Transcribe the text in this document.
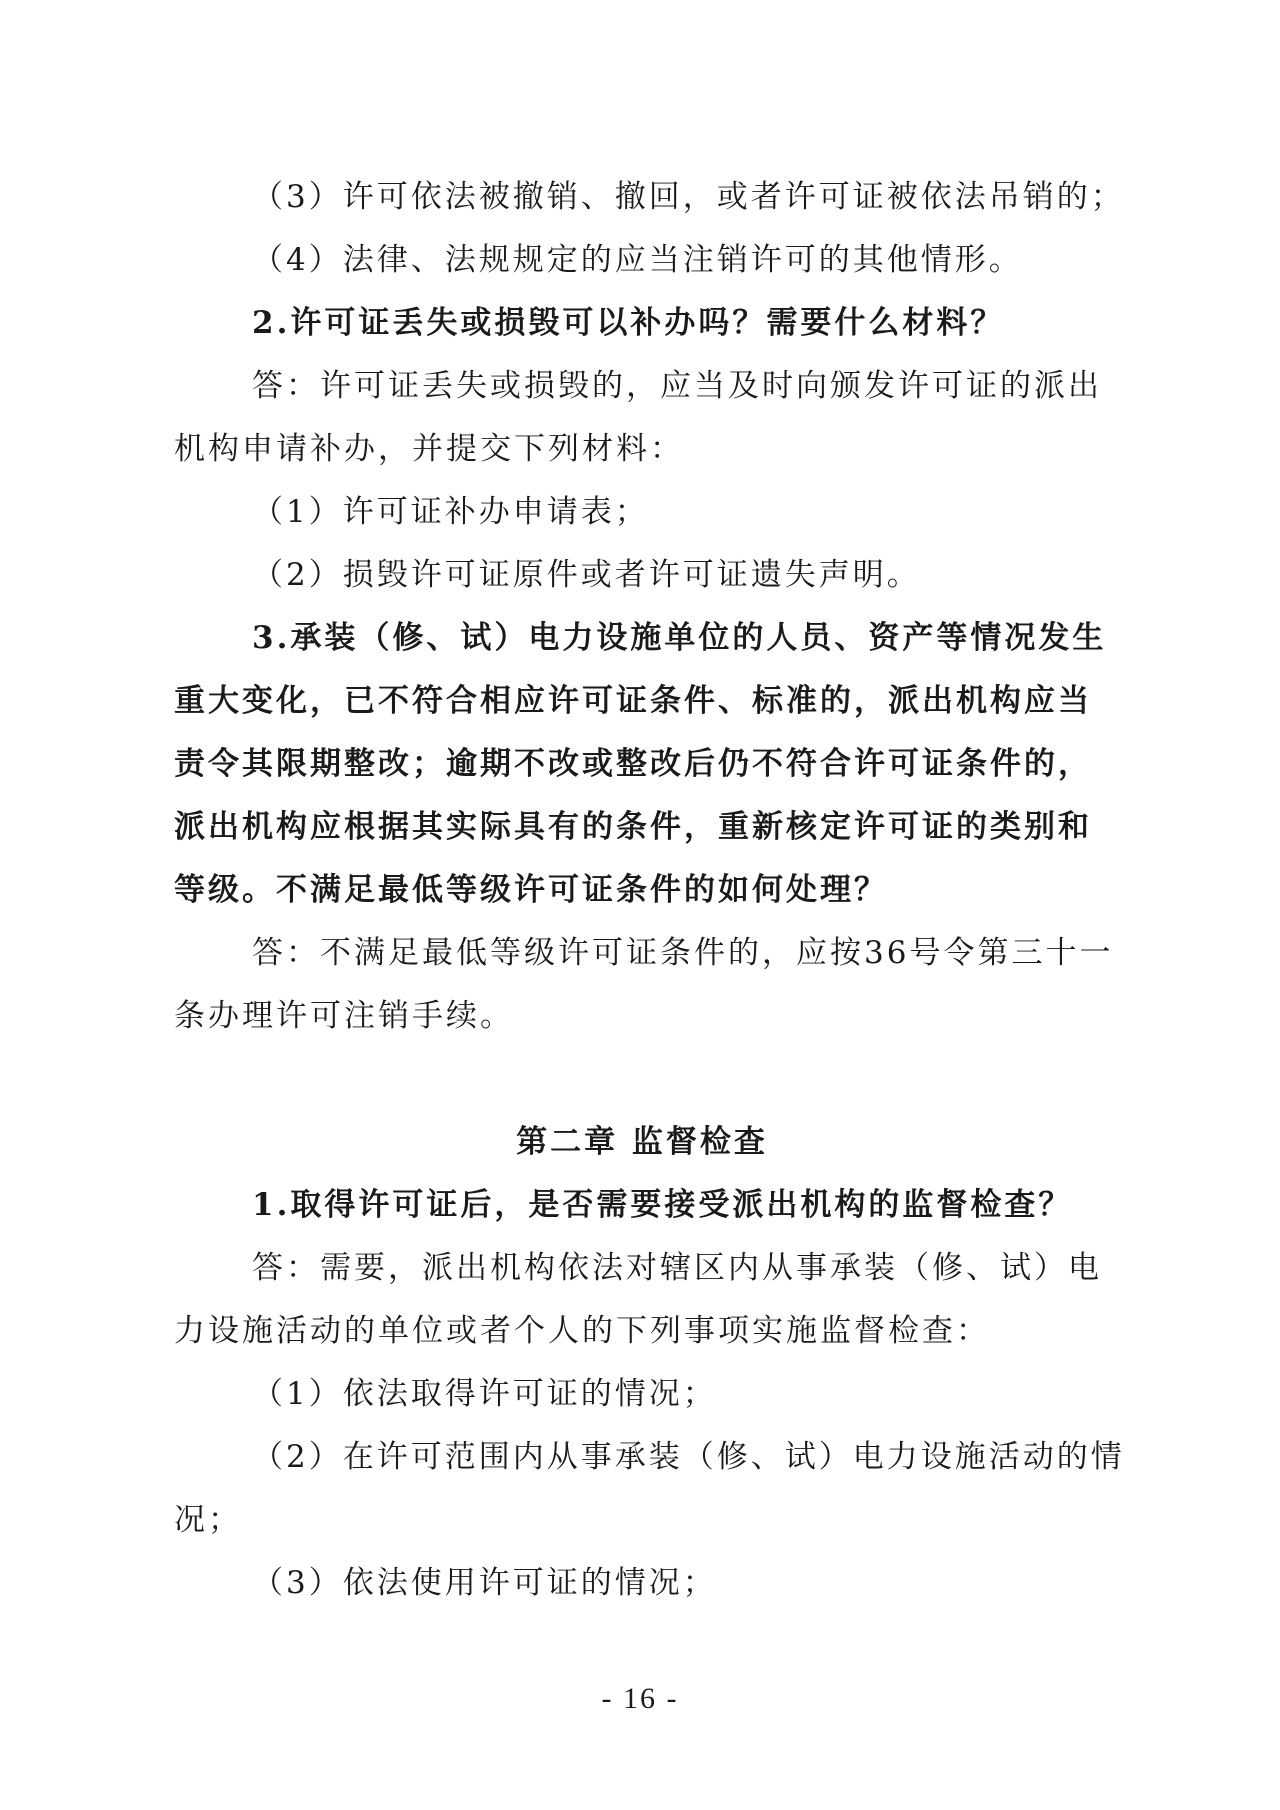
（3）许可依法被撤销、撤回，或者许可证被依法吊销的；

（4）法律、法规规定的应当注销许可的其他情形。

2.许可证丢失或损毁可以补办吗？需要什么材料？

答：许可证丢失或损毁的，应当及时向颁发许可证的派出

机构申请补办，并提交下列材料：

（1）许可证补办申请表；

（2）损毁许可证原件或者许可证遗失声明。

3.承装（修、试）电力设施单位的人员、资产等情况发生

重大变化，已不符合相应许可证条件、标准的，派出机构应当

责令其限期整改；逾期不改或整改后仍不符合许可证条件的，

派出机构应根据其实际具有的条件，重新核定许可证的类别和

等级。不满足最低等级许可证条件的如何处理？

答：不满足最低等级许可证条件的，应按36号令第三十一

条办理许可注销手续。

第二章 监督检查

1.取得许可证后，是否需要接受派出机构的监督检查？

答：需要，派出机构依法对辖区内从事承装（修、试）电

力设施活动的单位或者个人的下列事项实施监督检查：

（1）依法取得许可证的情况；

（2）在许可范围内从事承装（修、试）电力设施活动的情

况；

（3）依法使用许可证的情况；

- 16 -
